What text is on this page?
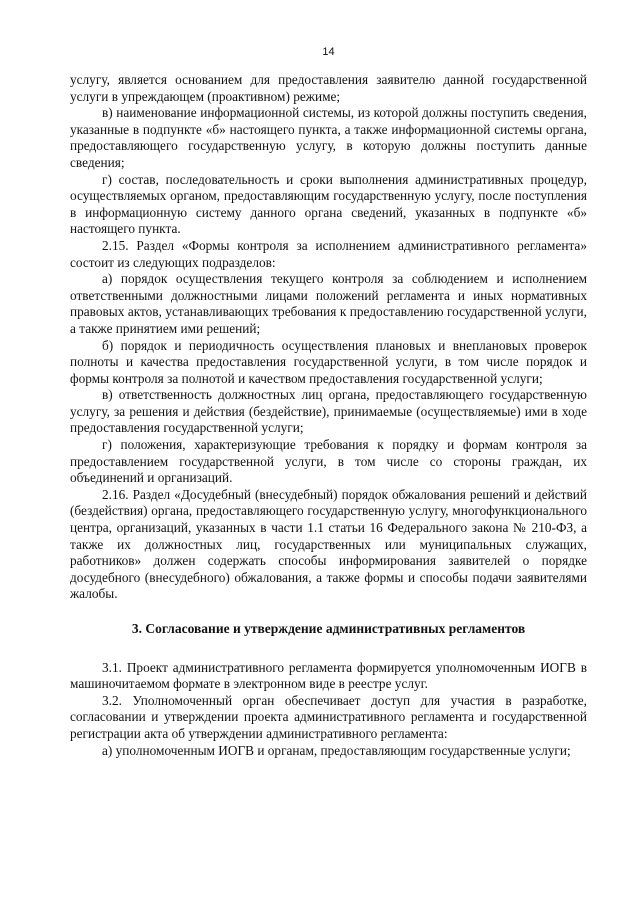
14

услугу, является основанием для предоставления заявителю данной государственной услуги в упреждающем (проактивном) режиме;

в) наименование информационной системы, из которой должны поступить сведения, указанные в подпункте «б» настоящего пункта, а также информационной системы органа, предоставляющего государственную услугу, в которую должны поступить данные сведения;

г) состав, последовательность и сроки выполнения административных процедур, осуществляемых органом, предоставляющим государственную услугу, после поступления в информационную систему данного органа сведений, указанных в подпункте «б» настоящего пункта.

2.15. Раздел «Формы контроля за исполнением административного регламента» состоит из следующих подразделов:

а) порядок осуществления текущего контроля за соблюдением и исполнением ответственными должностными лицами положений регламента и иных нормативных правовых актов, устанавливающих требования к предоставлению государственной услуги, а также принятием ими решений;

б) порядок и периодичность осуществления плановых и внеплановых проверок полноты и качества предоставления государственной услуги, в том числе порядок и формы контроля за полнотой и качеством предоставления государственной услуги;

в) ответственность должностных лиц органа, предоставляющего государственную услугу, за решения и действия (бездействие), принимаемые (осуществляемые) ими в ходе предоставления государственной услуги;

г) положения, характеризующие требования к порядку и формам контроля за предоставлением государственной услуги, в том числе со стороны граждан, их объединений и организаций.

2.16. Раздел «Досудебный (внесудебный) порядок обжалования решений и действий (бездействия) органа, предоставляющего государственную услугу, многофункционального центра, организаций, указанных в части 1.1 статьи 16 Федерального закона № 210-ФЗ, а также их должностных лиц, государственных или муниципальных служащих, работников» должен содержать способы информирования заявителей о порядке досудебного (внесудебного) обжалования, а также формы и способы подачи заявителями жалобы.

3. Согласование и утверждение административных регламентов

3.1. Проект административного регламента формируется уполномоченным ИОГВ в машиночитаемом формате в электронном виде в реестре услуг.

3.2. Уполномоченный орган обеспечивает доступ для участия в разработке, согласовании и утверждении проекта административного регламента и государственной регистрации акта об утверждении административного регламента:

а) уполномоченным ИОГВ и органам, предоставляющим государственные услуги;
